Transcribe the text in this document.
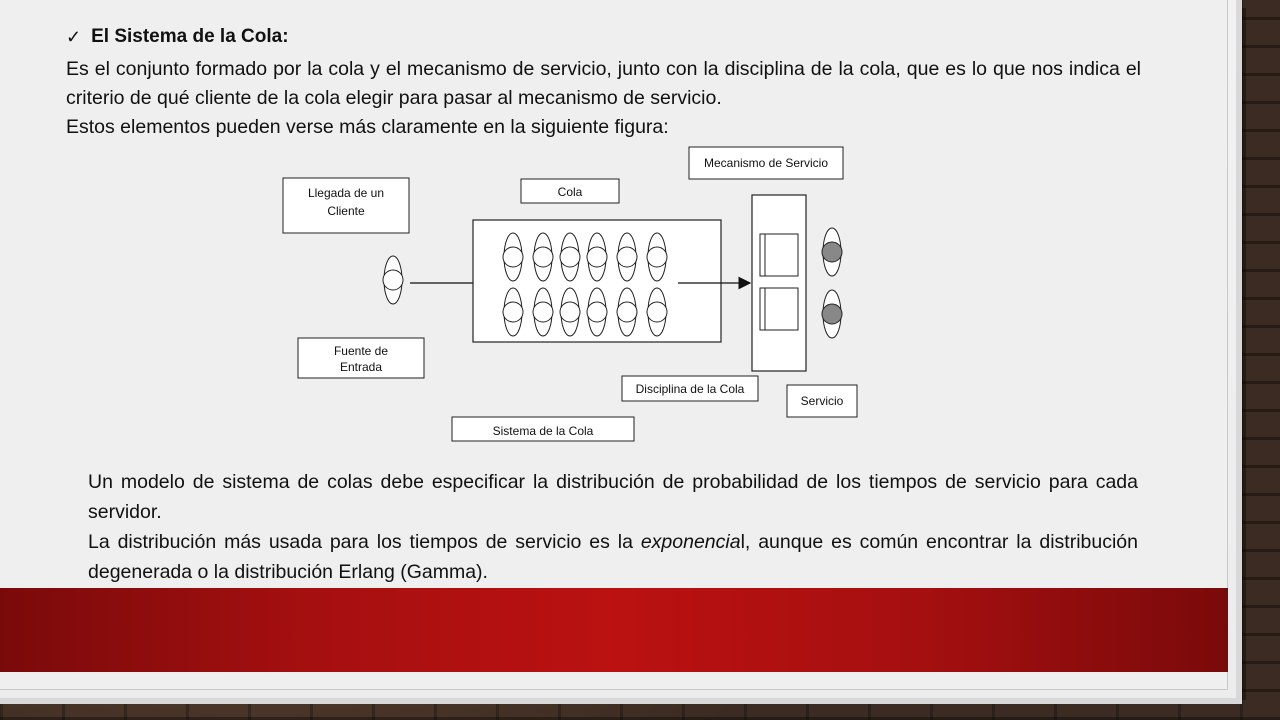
✓ El Sistema de la Cola:

Es el conjunto formado por la cola y el mecanismo de servicio, junto con la disciplina de la cola, que es lo que nos indica el criterio de qué cliente de la cola elegir para pasar al mecanismo de servicio.

Estos elementos pueden verse más claramente en la siguiente figura:

Llegada de un
Cliente
Cola
Mecanismo de Servicio
Fuente de
Entrada
Disciplina de la Cola
Servicio
Sistema de la Cola

Un modelo de sistema de colas debe especificar la distribución de probabilidad de los tiempos de servicio para cada servidor.

La distribución más usada para los tiempos de servicio es la exponencial, aunque es común encontrar la distribución degenerada o la distribución Erlang (Gamma).
